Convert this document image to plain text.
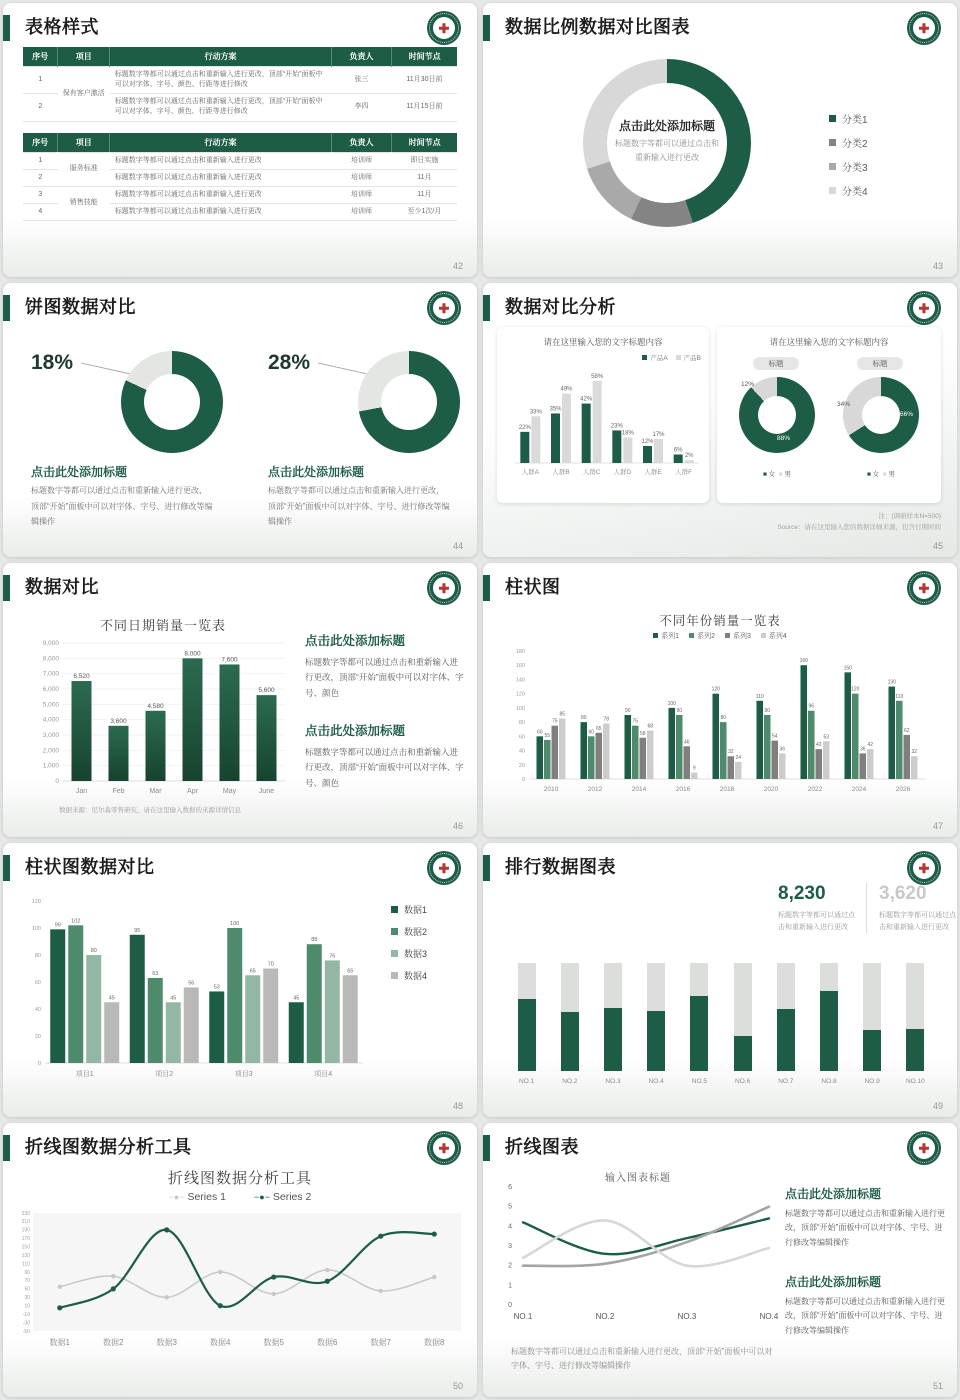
表格样式	✚
序号	项目	行动方案	负责人	时间节点
1	保有客户激活	标题数字等都可以通过点击和重新输入进行更改，顶部“开始”面板中可以对字体、字号、颜色、行距等进行修改	张三	11月30日前
2		标题数字等都可以通过点击和重新输入进行更改，顶部“开始”面板中可以对字体、字号、颜色、行距等进行修改	李四	11月15日前
序号	项目	行动方案	负责人	时间节点
1	服务标准	标题数字等都可以通过点击和重新输入进行更改	培训师	即日实施
2		标题数字等都可以通过点击和重新输入进行更改	培训师	11月
3	销售技能	标题数字等都可以通过点击和重新输入进行更改	培训师	11月
4		标题数字等都可以通过点击和重新输入进行更改	培训师	至少1次/月
42
数据比例数据对比图表	✚
点击此处添加标题
标题数字等都可以通过点击和重新输入进行更改
分类1
分类2
分类3
分类4
43
饼图数据对比	✚
18%
点击此处添加标题
标题数字等都可以通过点击和重新输入进行更改，顶部“开始”面板中可以对字体、字号、进行修改等编辑操作
28%
点击此处添加标题
标题数字等都可以通过点击和重新输入进行更改，顶部“开始”面板中可以对字体、字号、进行修改等编辑操作
44
数据对比分析	✚
请在这里输入您的文字标题内容
产品A 产品B
人群A
22%
33%
人群B
35%
49%
人群C
42%
58%
人群D
23%
18%
人群E
12%
17%
人群F
6%
2%
请在这里输入您的文字标题内容
标题
88%
12%
■ 女  ■ 男
标题
66%
34%
■ 女  ■ 男
注：(调研样本N=500)
Source：请在这里输入您的数据详细来源，包含日期时间
45
数据对比	✚
不同日期销量一览表
0
1,000
2,000
3,000
4,000
5,000
6,000
7,000
8,000
9,000
Jan
6,520
Feb
3,600
Mar
4,580
Apr
8,000
May
7,600
June
5,600
数据来源：尼尔森零售研究，请在这里输入数据的来源详情信息
点击此处添加标题
标题数字等都可以通过点击和重新输入进行更改，顶部“开始”面板中可以对字体、字号、颜色
点击此处添加标题
标题数字等都可以通过点击和重新输入进行更改，顶部“开始”面板中可以对字体、字号、颜色
46
柱状图	✚
不同年份销量一览表
系列1	系列2	系列3	系列4
0
20
40
60
80
100
120
140
160
180
2010
60
55
75
85
2012
80
60
65
78
2014
90
75
58
68
2016
100
90
46
9
2018
120
80
32
24
2020
110
90
54
36
2022
160
96
42
53
2024
150
120
36
42
2026
130
110
62
32
47
柱状图数据对比	✚
0
20
40
60
80
100
120
项目1
99
102
80
45
项目2
95
63
45
56
项目3
53
100
65
70
项目4
45
88
76
65
数据1
数据2
数据3
数据4
48
排行数据图表	✚
8,230
标题数字等都可以通过点击和重新输入进行更改
3,620
标题数字等都可以通过点击和重新输入进行更改
NO.1	NO.2	NO.3	NO.4	NO.5	NO.6	NO.7	NO.8	NO.9	NO.10
49
折线图数据分析工具	✚
折线图数据分析工具
−●− Series 1	−●− Series 2
230
210
190
170
150
130
110
90
70
50
30
10
-10
-30
-50
数据1	数据2	数据3	数据4	数据5	数据6	数据7	数据8
50
折线图表	✚
输入图表标题
6
5
4
3
2
1
0
NO.1	NO.2	NO.3	NO.4
标题数字等都可以通过点击和重新输入进行更改，顶部“开始”面板中可以对字体、字号、进行修改等编辑操作
点击此处添加标题
标题数字等都可以通过点击和重新输入进行更改，顶部“开始”面板中可以对字体、字号、进行修改等编辑操作
点击此处添加标题
标题数字等都可以通过点击和重新输入进行更改，顶部“开始”面板中可以对字体、字号、进行修改等编辑操作
51
